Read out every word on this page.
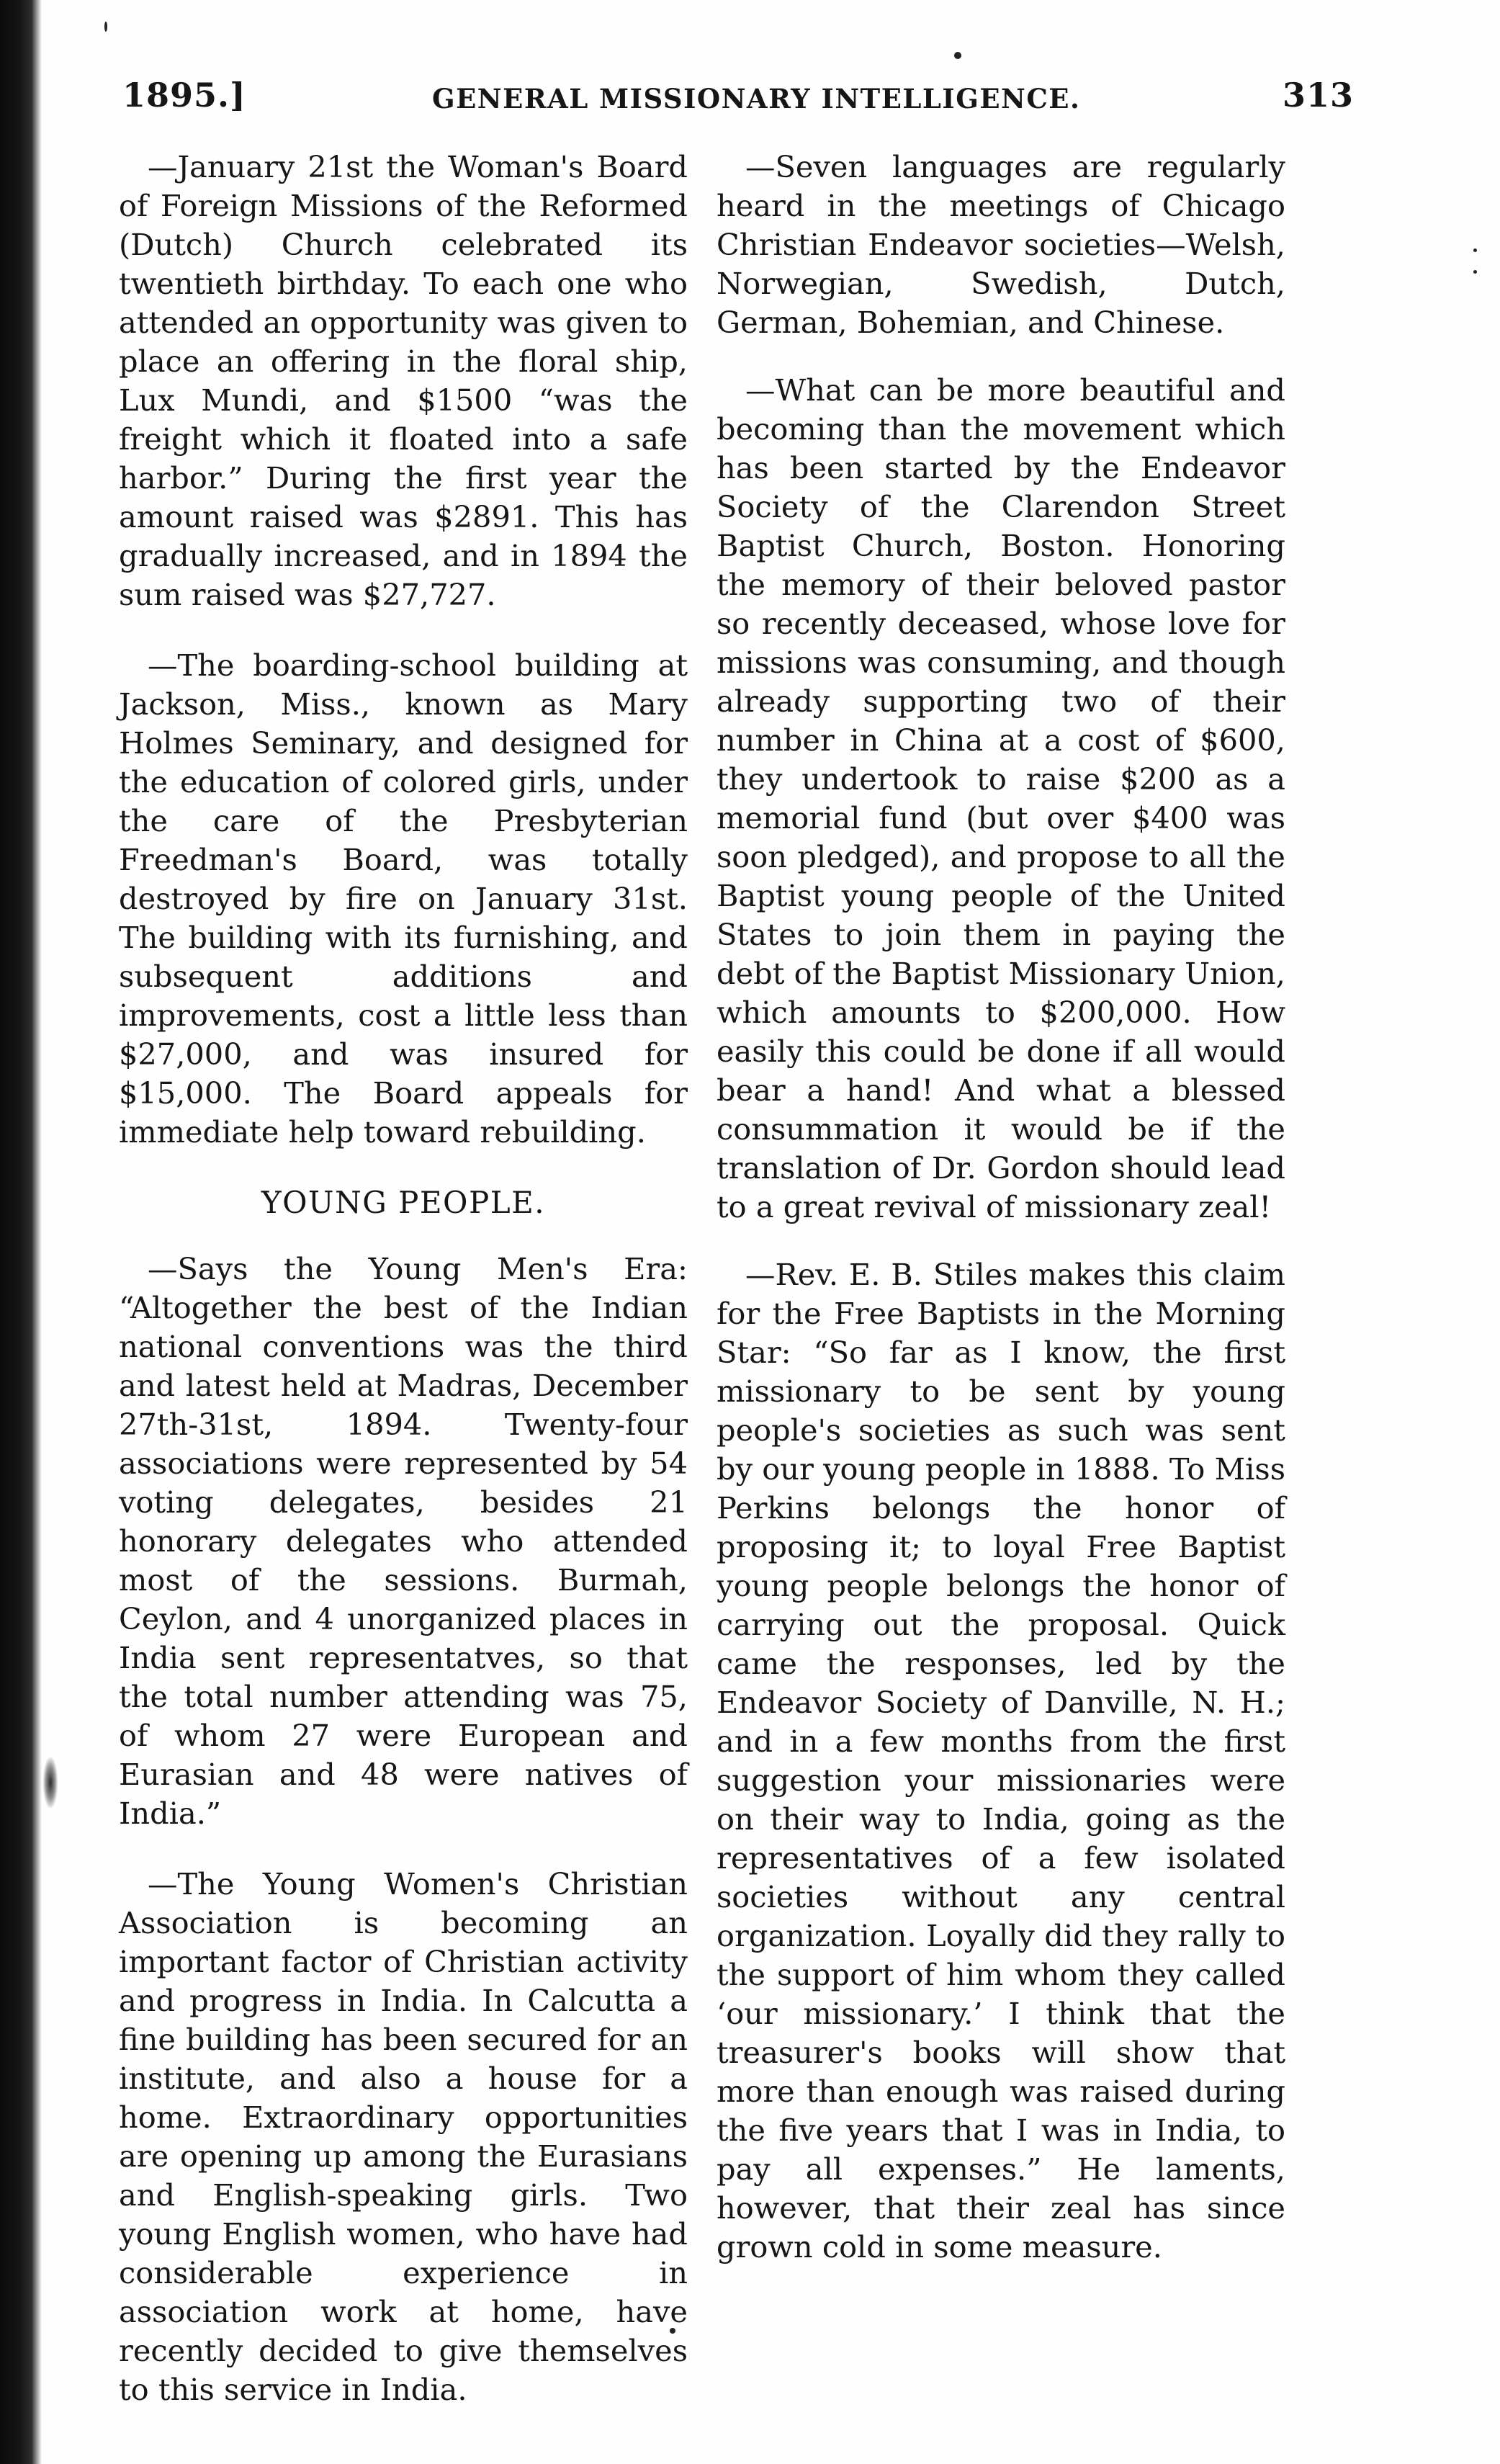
1895.]	GENERAL MISSIONARY INTELLIGENCE.	313

—January 21st the Woman's Board of Foreign Missions of the Reformed (Dutch) Church celebrated its twentieth birthday. To each one who attended an opportunity was given to place an offering in the floral ship, Lux Mundi, and $1500 “was the freight which it floated into a safe harbor.” During the first year the amount raised was $2891. This has gradually increased, and in 1894 the sum raised was $27,727.

—The boarding-school building at Jackson, Miss., known as Mary Holmes Seminary, and designed for the education of colored girls, under the care of the Presbyterian Freedman's Board, was totally destroyed by fire on January 31st. The building with its furnishing, and subsequent additions and improvements, cost a little less than $27,000, and was insured for $15,000. The Board appeals for immediate help toward rebuilding.

YOUNG PEOPLE.

—Says the Young Men's Era: “Altogether the best of the Indian national conventions was the third and latest held at Madras, December 27th-31st, 1894. Twenty-four associations were represented by 54 voting delegates, besides 21 honorary delegates who attended most of the sessions. Burmah, Ceylon, and 4 unorganized places in India sent representatves, so that the total number attending was 75, of whom 27 were European and Eurasian and 48 were natives of India.”

—The Young Women's Christian Association is becoming an important factor of Christian activity and progress in India. In Calcutta a fine building has been secured for an institute, and also a house for a home. Extraordinary opportunities are opening up among the Eurasians and English-speaking girls. Two young English women, who have had considerable experience in association work at home, have recently decided to give themselves to this service in India.

—Seven languages are regularly heard in the meetings of Chicago Christian Endeavor societies—Welsh, Norwegian, Swedish, Dutch, German, Bohemian, and Chinese.

—What can be more beautiful and becoming than the movement which has been started by the Endeavor Society of the Clarendon Street Baptist Church, Boston. Honoring the memory of their beloved pastor so recently deceased, whose love for missions was consuming, and though already supporting two of their number in China at a cost of $600, they undertook to raise $200 as a memorial fund (but over $400 was soon pledged), and propose to all the Baptist young people of the United States to join them in paying the debt of the Baptist Missionary Union, which amounts to $200,000. How easily this could be done if all would bear a hand! And what a blessed consummation it would be if the translation of Dr. Gordon should lead to a great revival of missionary zeal!

—Rev. E. B. Stiles makes this claim for the Free Baptists in the Morning Star: “So far as I know, the first missionary to be sent by young people's societies as such was sent by our young people in 1888. To Miss Perkins belongs the honor of proposing it; to loyal Free Baptist young people belongs the honor of carrying out the proposal. Quick came the responses, led by the Endeavor Society of Danville, N. H.; and in a few months from the first suggestion your missionaries were on their way to India, going as the representatives of a few isolated societies without any central organization. Loyally did they rally to the support of him whom they called ‘our missionary.’ I think that the treasurer's books will show that more than enough was raised during the five years that I was in India, to pay all expenses.” He laments, however, that their zeal has since grown cold in some measure.
